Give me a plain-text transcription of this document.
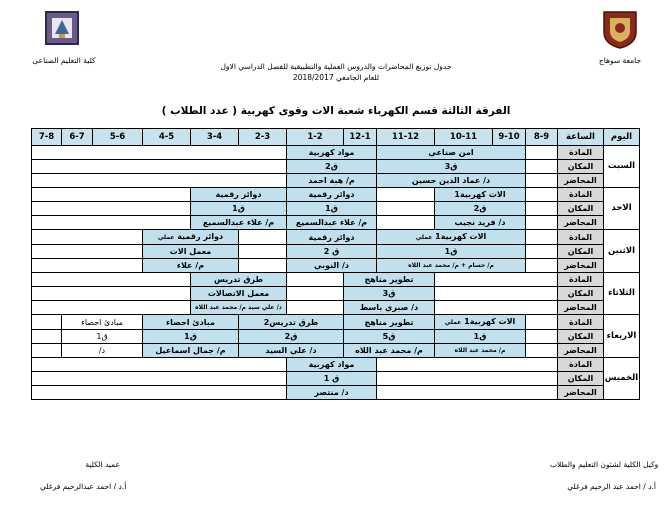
كلية التعليم الصناعى	جامعة سوهاج
جدول توزيع المحاضرات والدروس العملية والتطبيقية للفصل الدراسي الاول
للعام الجامعي 2018/2017
الفرقة الثالثة قسم الكهرباء شعبة الات وقوى كهربية ( عدد الطلاب )
اليوم	الساعة	8-9	9-10	10-11	11-12	12-1	1-2	2-3	3-4	4-5	5-6	6-7	7-8
السبت	المادة		امن صناعي			مواد كهربية							
	المكان		ق3			ق2							
	المحاضر		د/ عماد الدين حسين			م/ هبة احمد							
الاحد	المادة		الات كهربية1			دوائر رقمية		دوائر رقمية					
	المكان		ق2			ق1		ق1					
	المحاضر		د/ فريد نجيب			م/ علاء عبدالسميع		م/ علاء عبدالسميع					
الاثنين	المادة		الات كهربية1 عملي			دوائر رقمية			دوائر رقمية عملي				
	المكان		ق1			ق 2			معمل الات				
	المحاضر		م/ حسام + م/ محمد عبد اللاه			د/ النوبي			م/ علاء				
الثلاثاء	المادة				تطوير مناهج			طرق تدريس					
	المكان				ق3			معمل الاتصالات					
	المحاضر				د/ صبري باسط			د/ علي سيد م/ محمد عبد اللاه					
الاربعاء	المادة		الات كهربية1 عملي		تطوير مناهج		طرق تدريس2		مبادئ احصاء		مبادئ احصاء		
	المكان		ق1		ق5		ق2		ق1		ق1		
	المحاضر		م/ محمد عبد اللاه		م/ محمد عبد اللاه		د/ علي السيد		م/ جمال اسماعيل		د/		
الخميس	المادة					مواد كهربية							
	المكان					ق 1							
	المحاضر					د/ منتصر							
وكيل الكلية لشئون التعليم والطلاب
أ.د / احمد عبد الرحيم فرغلي
عميد الكلية
أ.د / احمد عبدالرحيم فرغلي
